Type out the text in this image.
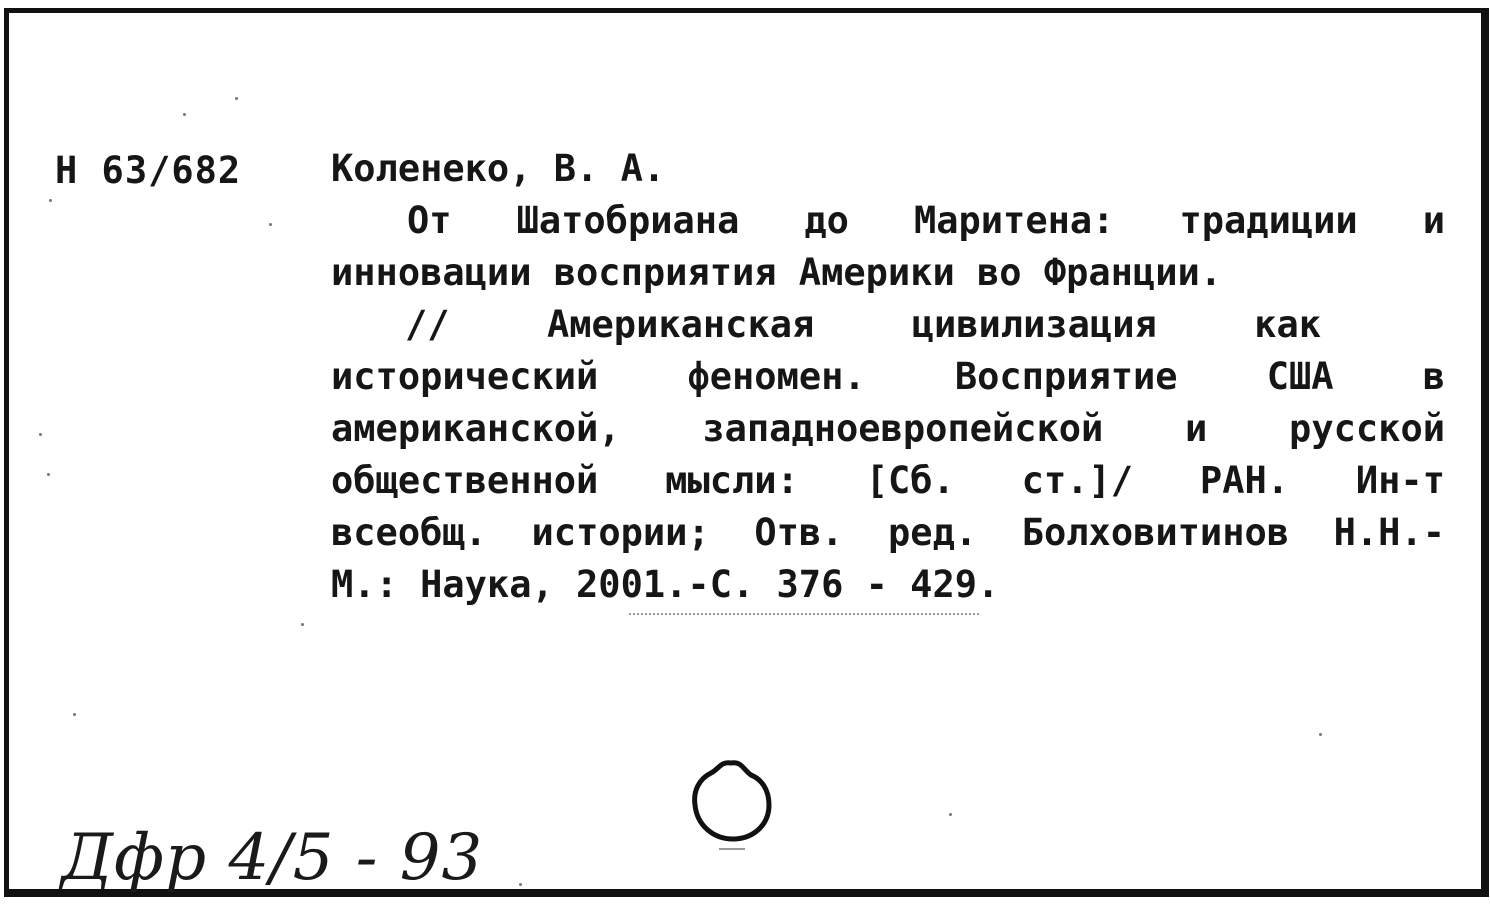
Н 63/682 Коленеко, В. А.
От Шатобриана до Маритена: традиции и
инновации восприятия Америки во Франции.
// Американская цивилизация как
исторический феномен. Восприятие США в
американской, западноевропейской и русской
общественной мысли: [Сб. ст.]/ РАН. Ин-т
всеобщ. истории; Отв. ред. Болховитинов Н.Н.-
М.: Наука, 2001.-С. 376 - 429.
Дфр 4/5 - 93
